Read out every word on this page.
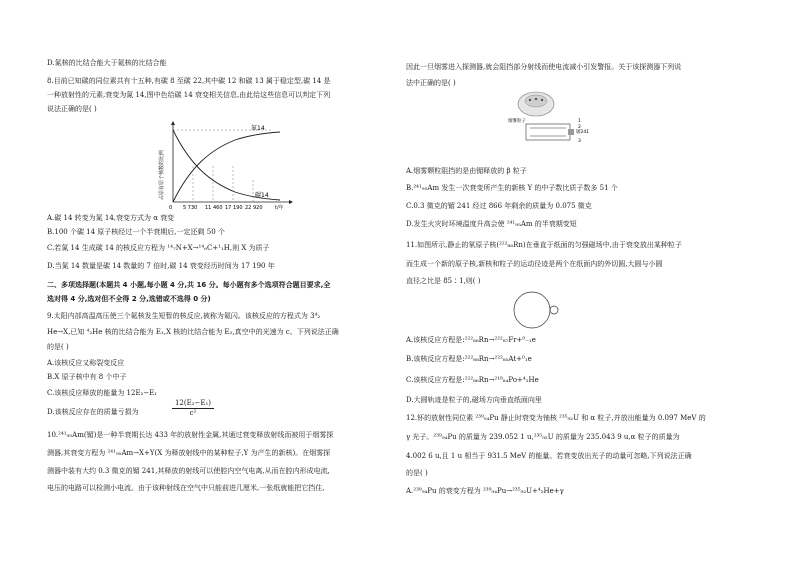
D.氮核的比结合能大于氦核的比结合能
8.目前已知碳的同位素共有十五种,有碳 8 至碳 22,其中碳 12 和碳 13 属于稳定型,碳 14 是
一种放射性的元素,衰变为氮 14,图中色给碳 14 衰变相关信息,由此给这些信息可以判定下列
说法正确的是( )
占原有原子核数的比例
氮14
碳14
0 5 730 11 460 17 190 22 920	t/年
A.碳 14 转变为氮 14,衰变方式为 α 衰变
B.100 个碳 14 原子核经过一个半衰期后,一定还剩 50 个
C.若氮 14 生成碳 14 的核反应方程为 ¹⁴₇N+X→¹⁴₆C+¹₁H,则 X 为质子
D.当氮 14 数量是碳 14 数量的 7 倍时,碳 14 衰变经历时间为 17 190 年
二、多项选择题(本题共 4 小题,每小题 4 分,共 16 分。每小题有多个选项符合题目要求,全
选对得 4 分,选对但不全得 2 分,选错或不选得 0 分)
9.太阳内部高温高压使三个氦核发生短暂的核反应,被称为氦闪。该核反应的方程式为 3⁴₂
He→X,已知 ⁴₂He 核的比结合能为 E₁,X 核的比结合能为 E₂,真空中的光速为 c。下列说法正确
的是( )
A.该核反应又称裂变反应
B.X 原子核中有 8 个中子
C.该核反应释放的能量为 12E₂−E₁
D.该核反应存在的质量亏损为	$\frac{\text{12(E₂−E₁)}}{\text{c²}}$
10.²⁴¹₉₅Am(镅)是一种半衰期长达 433 年的放射性金属,其通过衰变释放射线而被用于烟雾探
测器,其衰变方程为 ²⁴¹₉₅Am→X+Y(X 为释放射线中的某种粒子,Y 为产生的新核)。在烟雾探
测器中装有大约 0.3 微克的镅 241,其释放的射线可以使腔内空气电离,从而在腔内形成电流,
电压的电路可以检测小电流。由于该种射线在空气中只能前进几厘米,一张纸就能把它挡住,
因此一旦烟雾进入探测器,就会阻挡部分射线而使电流减小引发警报。关于该探测器下列说
法中正确的是( )
烟雾粒子
镅241
1
2
3
A.烟雾颗粒阻挡的是由镅释放的 β 粒子
B.²⁴¹₉₅Am 发生一次衰变所产生的新核 Y 的中子数比质子数多 51 个
C.0.3 微克的镅 241 经过 866 年剩余的质量为 0.075 微克
D.发生火灾时环境温度升高会使 ²⁴¹₉₅Am 的半衰期变短
11.如图所示,静止的氡原子核(²²²₈₆Rn)在垂直于纸面的匀强磁场中,由于衰变放出某种粒子
而生成一个新的原子核,新核和粒子的运动径迹是两个在纸面内的外切圆,大圆与小圆
直径之比是 85∶1,则( )
A.该核反应方程是:²²²₈₆Rn→²²²₈₇Fr+⁰₋₁e
B.该核反应方程是:²²²₈₆Rn→²²²₈₅At+⁰₁e
C.该核反应方程是:²²²₈₆Rn→²¹⁸₈₄Po+⁴₂He
D.大圆轨迹是粒子的,磁场方向垂直纸面向里
12.钚的放射性同位素 ²³⁹₉₄Pu 静止时衰变为铀核 ²³⁵₉₂U 和 α 粒子,并放出能量为 0.097 MeV 的
γ 光子。²³⁹₉₄Pu 的质量为 239.052 1 u,²³⁵₉₂U 的质量为 235.043 9 u,α 粒子的质量为
4.002 6 u,且 1 u 相当于 931.5 MeV 的能量。若衰变放出光子的动量可忽略,下列说法正确
的是( )
A.²³⁹₉₄Pu 的衰变方程为 ²³⁹₉₄Pu→²³⁵₉₂U+⁴₂He+γ
